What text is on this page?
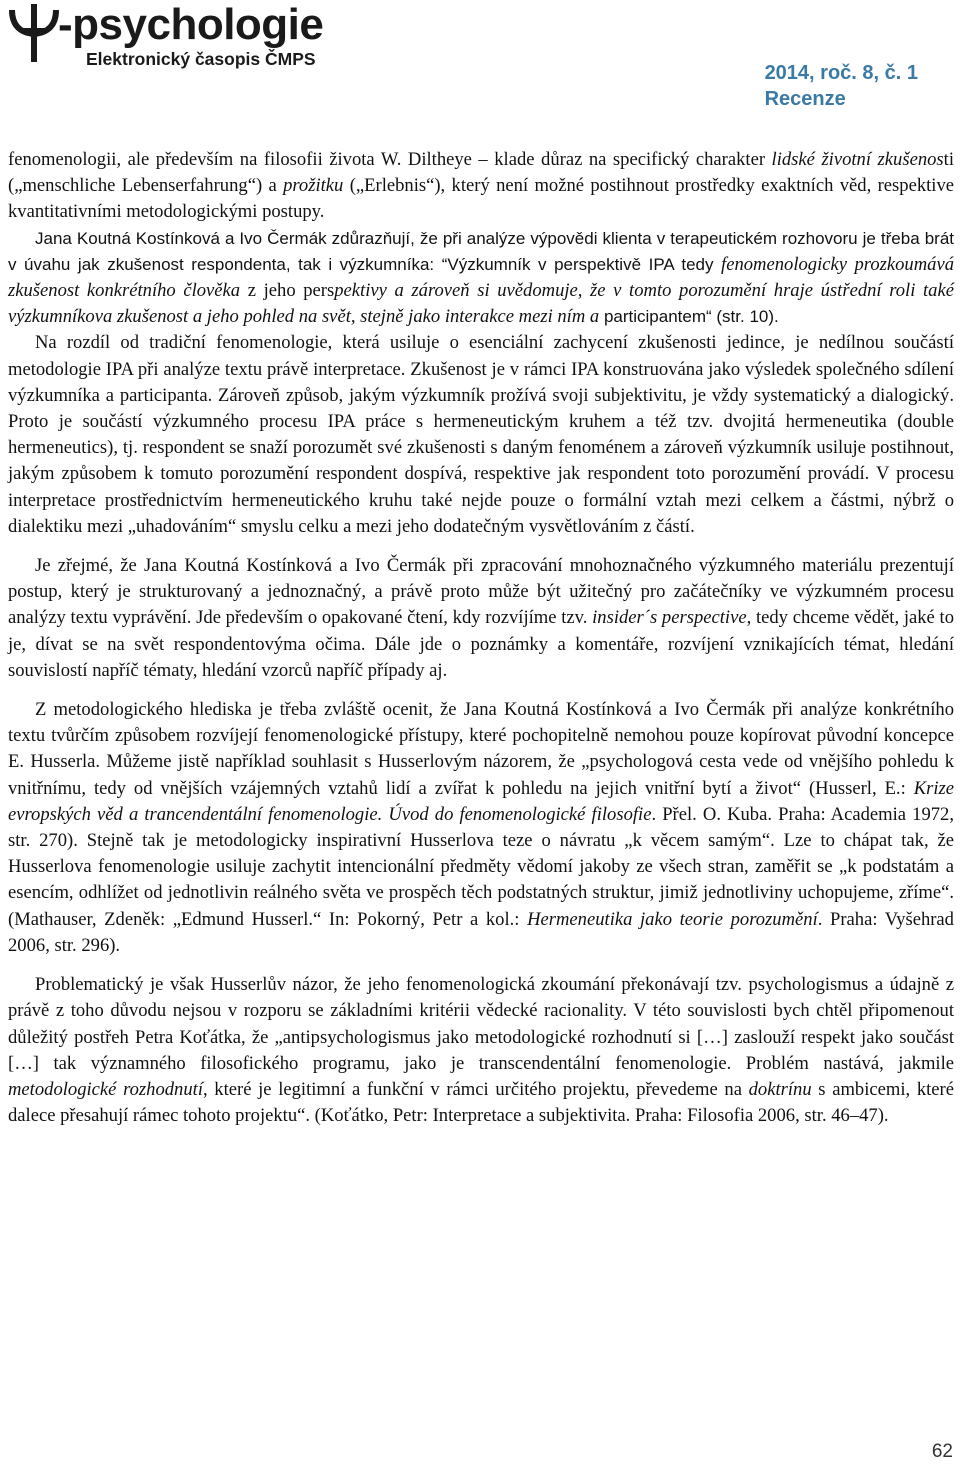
-psychologie
Elektronický časopis ČMPS
2014, roč. 8, č. 1
Recenze

fenomenologii, ale především na filosofii života W. Diltheye ‒ klade důraz na specifický charakter lidské životní zkušenosti („menschliche Lebenserfahrung“) a prožitku („Erlebnis“), který není možné postihnout prostředky exaktních věd, respektive kvantitativními metodologickými postupy.

Jana Koutná Kostínková a Ivo Čermák zdůrazňují, že při analýze výpovědi klienta v terapeutickém rozhovoru je třeba brát v úvahu jak zkušenost respondenta, tak i výzkumníka: “Výzkumník v perspektivě IPA tedy fenomenologicky prozkoumává zkušenost konkrétního člověka z jeho perspektivy a zároveň si uvědomuje, že v tomto porozumění hraje ústřední roli také výzkumníkova zkušenost a jeho pohled na svět, stejně jako interakce mezi ním a participantem“ (str. 10).

Na rozdíl od tradiční fenomenologie, která usiluje o esenciální zachycení zkušenosti jedince, je nedílnou součástí metodologie IPA při analýze textu právě interpretace. Zkušenost je v rámci IPA konstruována jako výsledek společného sdílení výzkumníka a participanta. Zároveň způsob, jakým výzkumník prožívá svoji subjektivitu, je vždy systematický a dialogický. Proto je součástí výzkumného procesu IPA práce s hermeneutickým kruhem a též tzv. dvojitá hermeneutika (double hermeneutics), tj. respondent se snaží porozumět své zkušenosti s daným fenoménem a zároveň výzkumník usiluje postihnout, jakým způsobem k tomuto porozumění respondent dospívá, respektive jak respondent toto porozumění provádí. V procesu interpretace prostřednictvím hermeneutického kruhu také nejde pouze o formální vztah mezi celkem a částmi, nýbrž o dialektiku mezi „uhadováním“ smyslu celku a mezi jeho dodatečným vysvětlováním z částí.

Je zřejmé, že Jana Koutná Kostínková a Ivo Čermák při zpracování mnohoznačného výzkumného materiálu prezentují postup, který je strukturovaný a jednoznačný, a právě proto může být užitečný pro začátečníky ve výzkumném procesu analýzy textu vyprávění. Jde především o opakované čtení, kdy rozvíjíme tzv. insider´s perspective, tedy chceme vědět, jaké to je, dívat se na svět respondentovýma očima. Dále jde o poznámky a komentáře, rozvíjení vznikajících témat, hledání souvislostí napříč tématy, hledání vzorců napříč případy aj.

Z metodologického hlediska je třeba zvláště ocenit, že Jana Koutná Kostínková a Ivo Čermák při analýze konkrétního textu tvůrčím způsobem rozvíjejí fenomenologické přístupy, které pochopitelně nemohou pouze kopírovat původní koncepce E. Husserla. Můžeme jistě například souhlasit s Husserlovým názorem, že „psychologová cesta vede od vnějšího pohledu k vnitřnímu, tedy od vnějších vzájemných vztahů lidí a zvířat k pohledu na jejich vnitřní bytí a život“ (Husserl, E.: Krize evropských věd a trancendentální fenomenologie. Úvod do fenomenologické filosofie. Přel. O. Kuba. Praha: Academia 1972, str. 270). Stejně tak je metodologicky inspirativní Husserlova teze o návratu „k věcem samým“. Lze to chápat tak, že Husserlova fenomenologie usiluje zachytit intencionální předměty vědomí jakoby ze všech stran, zaměřit se „k podstatám a esencím, odhlížet od jednotlivin reálného světa ve prospěch těch podstatných struktur, jimiž jednotliviny uchopujeme, zříme“. (Mathauser, Zdeněk: „Edmund Husserl.“ In: Pokorný, Petr a kol.: Hermeneutika jako teorie porozumění. Praha: Vyšehrad 2006, str. 296).

Problematický je však Husserlův názor, že jeho fenomenologická zkoumání překonávají tzv. psychologismus a údajně z právě z toho důvodu nejsou v rozporu se základními kritérii vědecké racionality. V této souvislosti bych chtěl připomenout důležitý postřeh Petra Koťátka, že „antipsychologismus jako metodologické rozhodnutí si […] zaslouží respekt jako součást […] tak významného filosofického programu, jako je transcendentální fenomenologie. Problém nastává, jakmile metodologické rozhodnutí, které je legitimní a funkční v rámci určitého projektu, převedeme na doktrínu s ambicemi, které dalece přesahují rámec tohoto projektu“. (Koťátko, Petr: Interpretace a subjektivita. Praha: Filosofia 2006, str. 46‒47).

62
